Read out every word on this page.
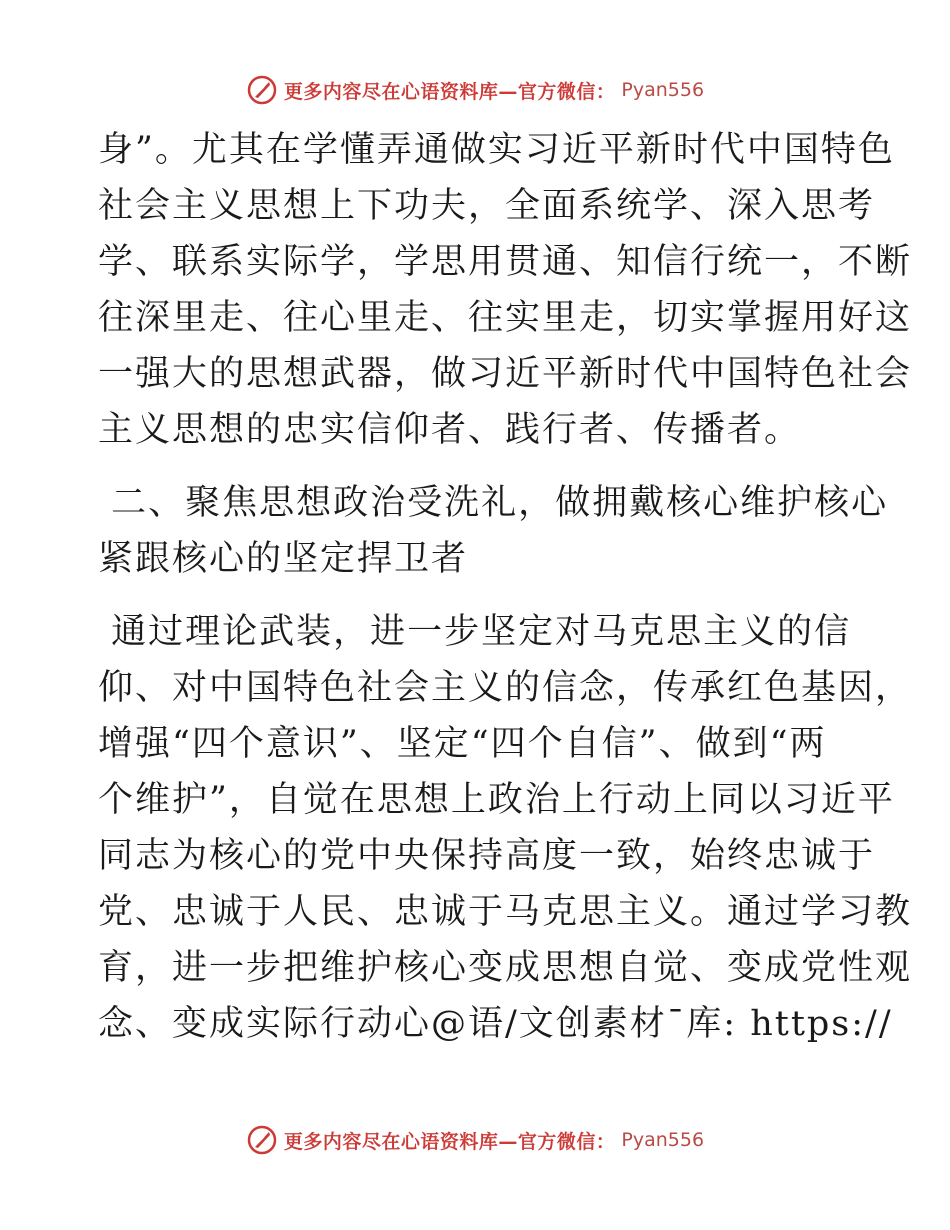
更多内容尽在心语资料库—官方微信： Pyan556
身”。尤其在学懂弄通做实习近平新时代中国特色
社会主义思想上下功夫，全面系统学、深入思考
学、联系实际学，学思用贯通、知信行统一，不断
往深里走、往心里走、往实里走，切实掌握用好这
一强大的思想武器，做习近平新时代中国特色社会
主义思想的忠实信仰者、践行者、传播者。
二、聚焦思想政治受洗礼，做拥戴核心维护核心
紧跟核心的坚定捍卫者
通过理论武装，进一步坚定对马克思主义的信
仰、对中国特色社会主义的信念，传承红色基因，
增强“四个意识”、坚定“四个自信”、做到“两
个维护”，自觉在思想上政治上行动上同以习近平
同志为核心的党中央保持高度一致，始终忠诚于
党、忠诚于人民、忠诚于马克思主义。通过学习教
育，进一步把维护核心变成思想自觉、变成党性观
念、变成实际行动心@语/文创素材¯库: https://
更多内容尽在心语资料库—官方微信： Pyan556
